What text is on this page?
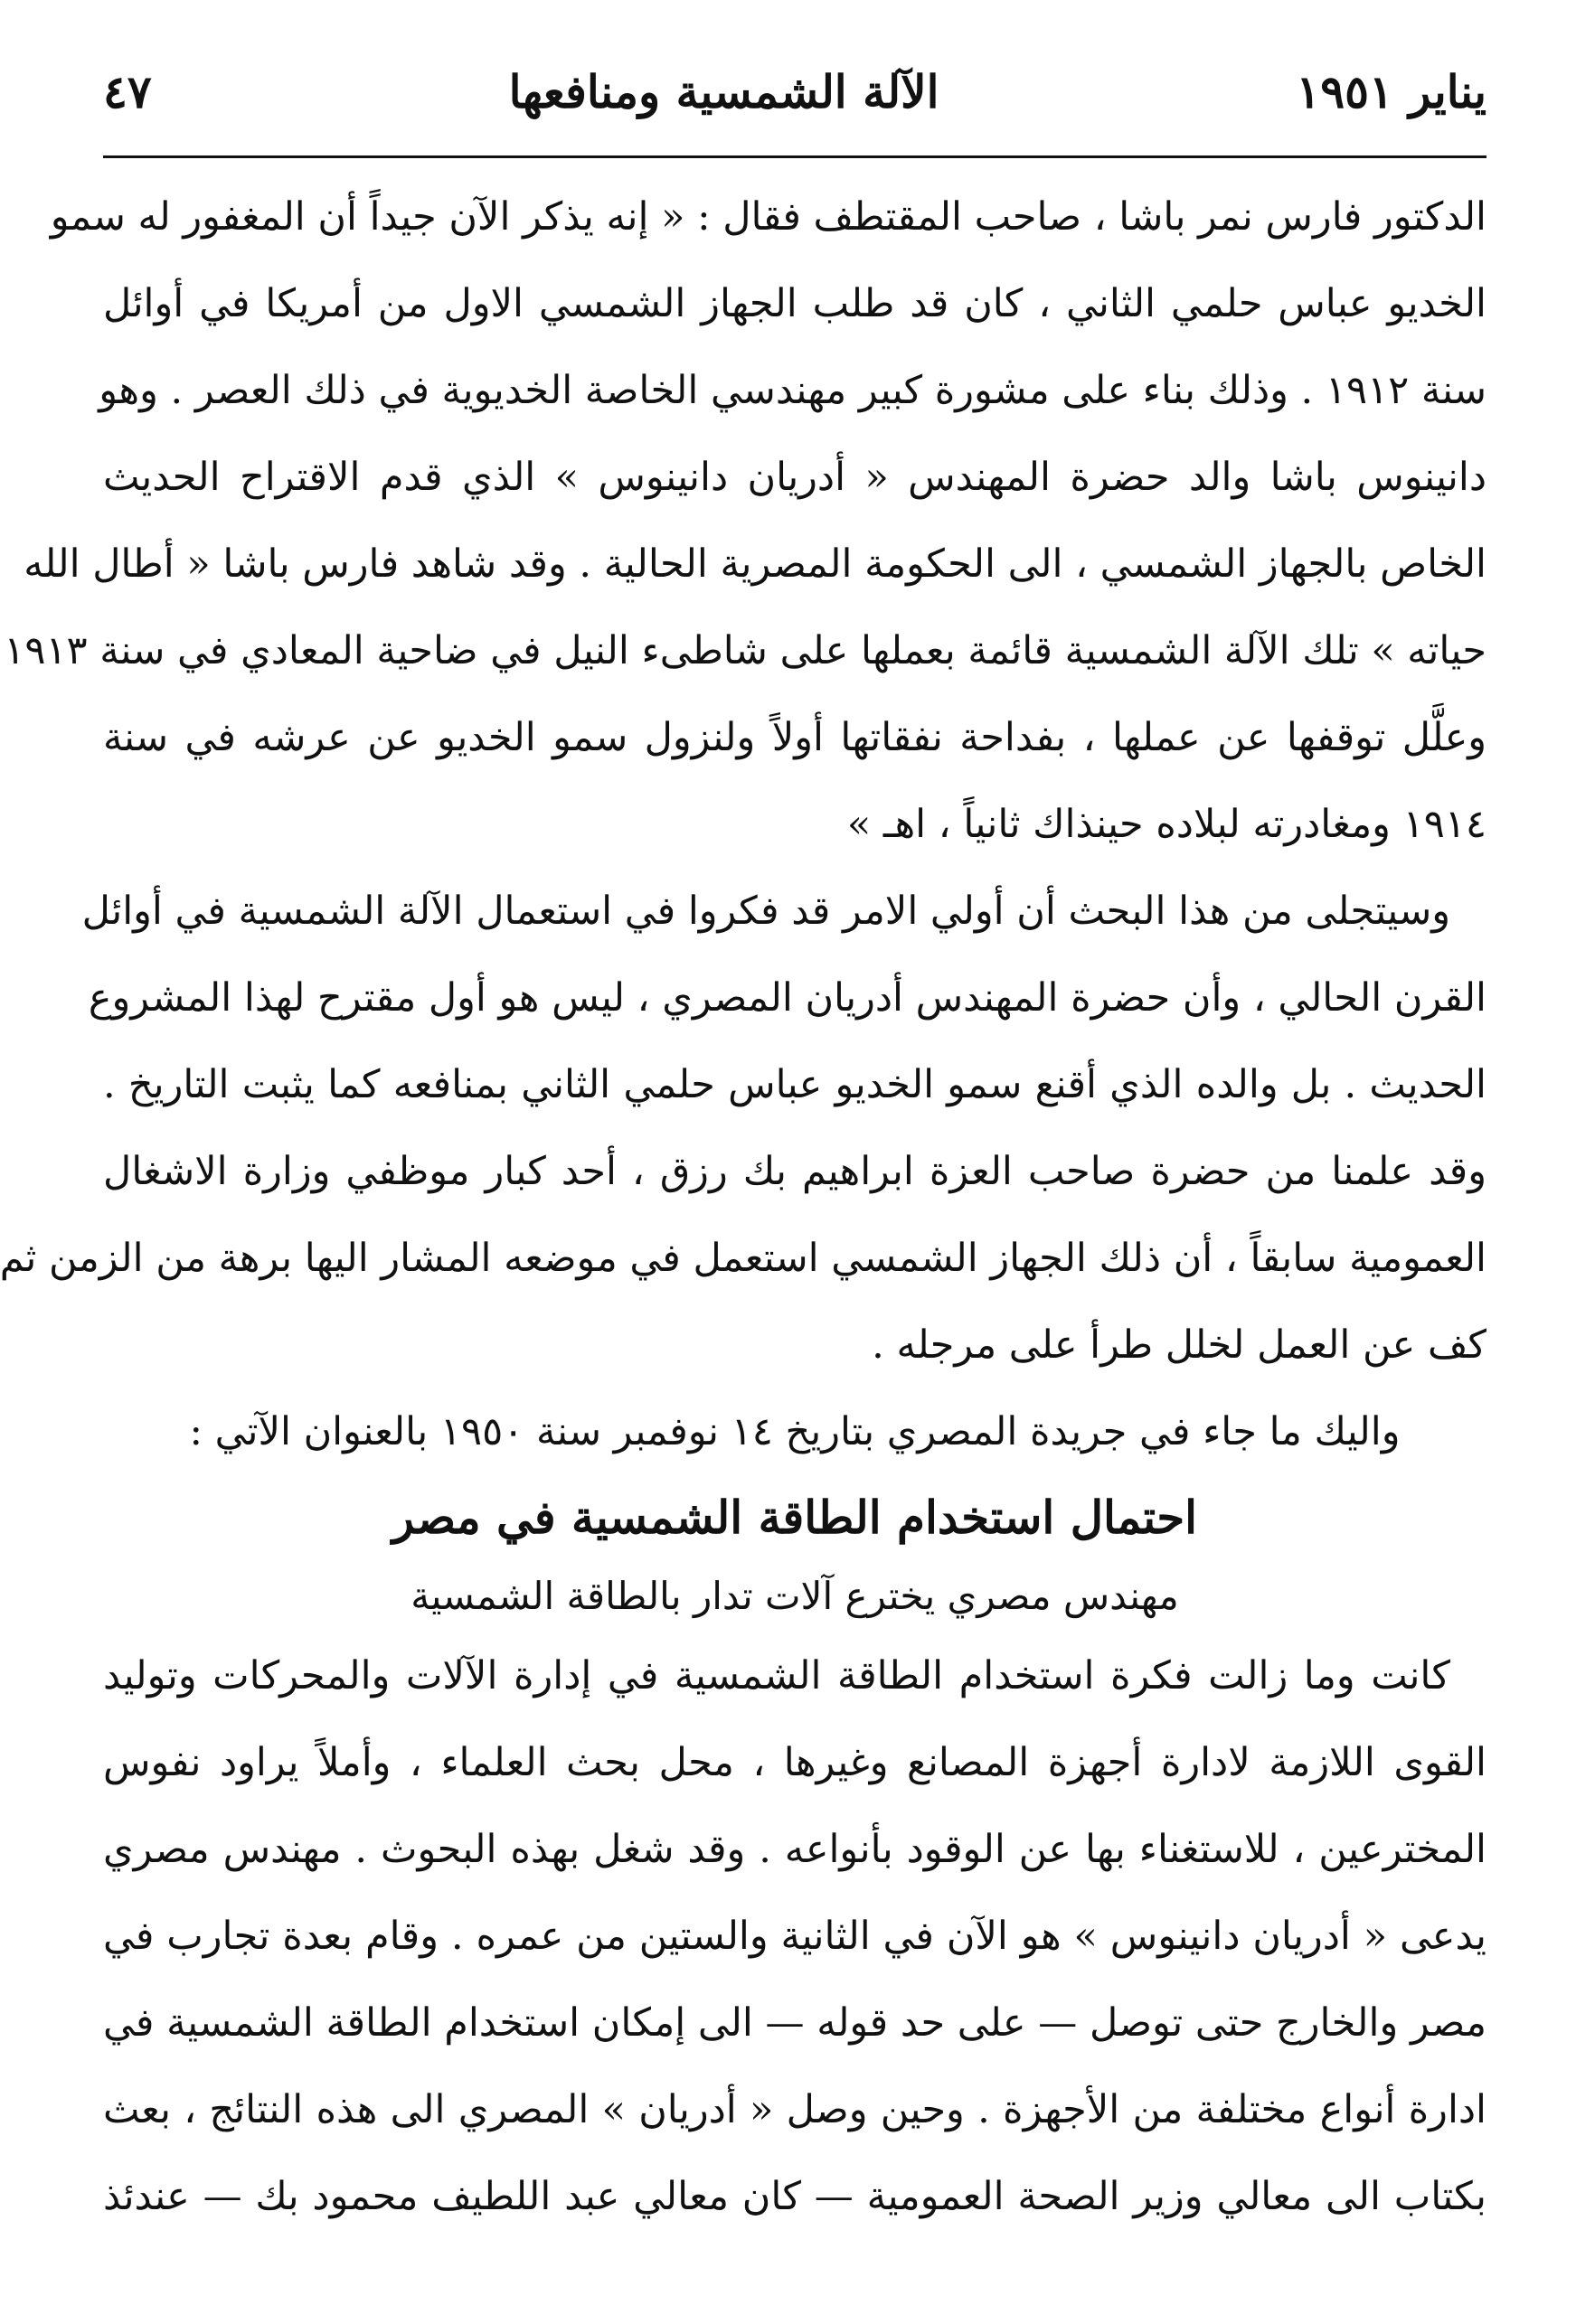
يناير ١٩٥١
الآلة الشمسية ومنافعها
٤٧
الدكتور فارس نمر باشا ، صاحب المقتطف فقال : « إنه يذكر الآن جيداً أن المغفور له سمو
الخديو عباس حلمي الثاني ، كان قد طلب الجهاز الشمسي الاول من أمريكا في أوائل
سنة ١٩١٢ . وذلك بناء على مشورة كبير مهندسي الخاصة الخديوية في ذلك العصر . وهو
دانينوس باشا والد حضرة المهندس « أدريان دانينوس » الذي قدم الاقتراح الحديث
الخاص بالجهاز الشمسي ، الى الحكومة المصرية الحالية . وقد شاهد فارس باشا « أطال الله
حياته » تلك الآلة الشمسية قائمة بعملها على شاطىء النيل في ضاحية المعادي في سنة ١٩١٣
وعلَّل توقفها عن عملها ، بفداحة نفقاتها أولاً ولنزول سمو الخديو عن عرشه في سنة
١٩١٤ ومغادرته لبلاده حينذاك ثانياً ، اهـ »
وسيتجلى من هذا البحث أن أولي الامر قد فكروا في استعمال الآلة الشمسية في أوائل
القرن الحالي ، وأن حضرة المهندس أدريان المصري ، ليس هو أول مقترح لهذا المشروع
الحديث . بل والده الذي أقنع سمو الخديو عباس حلمي الثاني بمنافعه كما يثبت التاريخ .
وقد علمنا من حضرة صاحب العزة ابراهيم بك رزق ، أحد كبار موظفي وزارة الاشغال
العمومية سابقاً ، أن ذلك الجهاز الشمسي استعمل في موضعه المشار اليها برهة من الزمن ثم
كف عن العمل لخلل طرأ على مرجله .
واليك ما جاء في جريدة المصري بتاريخ ١٤ نوفمبر سنة ١٩٥٠ بالعنوان الآتي :
احتمال استخدام الطاقة الشمسية في مصر
مهندس مصري يخترع آلات تدار بالطاقة الشمسية
كانت وما زالت فكرة استخدام الطاقة الشمسية في إدارة الآلات والمحركات وتوليد
القوى اللازمة لادارة أجهزة المصانع وغيرها ، محل بحث العلماء ، وأملاً يراود نفوس
المخترعين ، للاستغناء بها عن الوقود بأنواعه . وقد شغل بهذه البحوث . مهندس مصري
يدعى « أدريان دانينوس » هو الآن في الثانية والستين من عمره . وقام بعدة تجارب في
مصر والخارج حتى توصل — على حد قوله — الى إمكان استخدام الطاقة الشمسية في
ادارة أنواع مختلفة من الأجهزة . وحين وصل « أدريان » المصري الى هذه النتائج ، بعث
بكتاب الى معالي وزير الصحة العمومية — كان معالي عبد اللطيف محمود بك — عندئذ
